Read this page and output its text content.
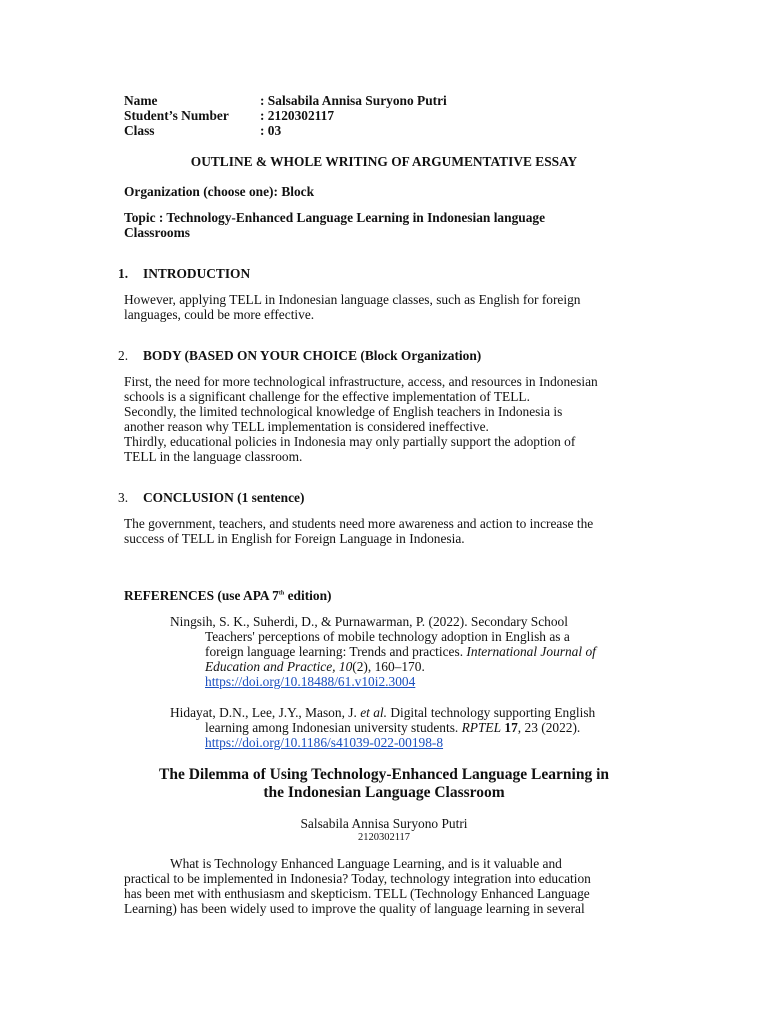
Name	: Salsabila Annisa Suryono Putri
Student’s Number : 2120302117
Class	: 03
OUTLINE & WHOLE WRITING OF ARGUMENTATIVE ESSAY
Organization (choose one): Block
Topic : Technology-Enhanced Language Learning in Indonesian language
Classrooms
1. INTRODUCTION
However, applying TELL in Indonesian language classes, such as English for foreign
languages, could be more effective.
2. BODY (BASED ON YOUR CHOICE (Block Organization)
First, the need for more technological infrastructure, access, and resources in Indonesian
schools is a significant challenge for the effective implementation of TELL.
Secondly, the limited technological knowledge of English teachers in Indonesia is
another reason why TELL implementation is considered ineffective.
Thirdly, educational policies in Indonesia may only partially support the adoption of
TELL in the language classroom.
3. CONCLUSION (1 sentence)
The government, teachers, and students need more awareness and action to increase the
success of TELL in English for Foreign Language in Indonesia.
REFERENCES (use APA 7th edition)
Ningsih, S. K., Suherdi, D., & Purnawarman, P. (2022). Secondary School
Teachers' perceptions of mobile technology adoption in English as a
foreign language learning: Trends and practices. International Journal of
Education and Practice, 10(2), 160–170.
https://doi.org/10.18488/61.v10i2.3004
Hidayat, D.N., Lee, J.Y., Mason, J. et al. Digital technology supporting English
learning among Indonesian university students. RPTEL 17, 23 (2022).
https://doi.org/10.1186/s41039-022-00198-8
The Dilemma of Using Technology-Enhanced Language Learning in
the Indonesian Language Classroom
Salsabila Annisa Suryono Putri
2120302117
What is Technology Enhanced Language Learning, and is it valuable and
practical to be implemented in Indonesia? Today, technology integration into education
has been met with enthusiasm and skepticism. TELL (Technology Enhanced Language
Learning) has been widely used to improve the quality of language learning in several
